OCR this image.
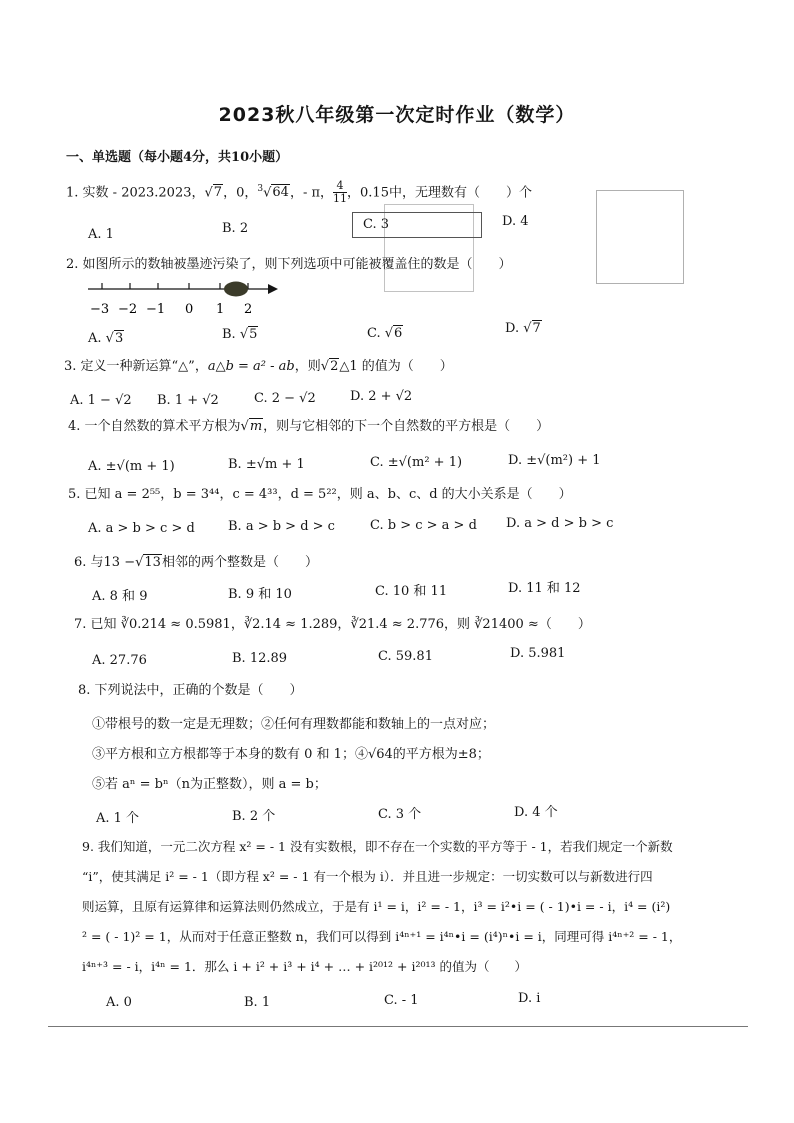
2023秋八年级第一次定时作业（数学）
一、单选题（每小题4分，共10小题）
1. 实数 - 2023.2023，√7，0，$^3$√64，- π， $\frac{4}{11}$ ，0.15中，无理数有（　　）个
A. 1	B. 2	C. 3	D. 4
2. 如图所示的数轴被墨迹污染了，则下列选项中可能被覆盖住的数是（　　）
−3 −2 −1 0 1 2
A. √3	B. √5	C. √6	D. √7
3. 定义一种新运算“△”，a△b = a² - ab，则√2△1 的值为（　　）
A. 1 − √2 B. 1 + √2	C. 2 − √2	D. 2 + √2
4. 一个自然数的算术平方根为√m，则与它相邻的下一个自然数的平方根是（　　）
A. ±√(m + 1)	B. ±√m + 1	C. ±√(m² + 1)	D. ±√(m²) + 1
5. 已知 a = 2⁵⁵，b = 3⁴⁴，c = 4³³，d = 5²²，则 a、b、c、d 的大小关系是（　　）
A. a > b > c > d	B. a > b > d > c	C. b > c > a > d D. a > d > b > c
6. 与13 −√13相邻的两个整数是（　　）
A. 8 和 9	B. 9 和 10	C. 10 和 11	D. 11 和 12
7. 已知 ∛0.214 ≈ 0.5981，∛2.14 ≈ 1.289，∛21.4 ≈ 2.776，则 ∛21400 ≈（　　）
A. 27.76	B. 12.89	C. 59.81	D. 5.981
8. 下列说法中，正确的个数是（　　）
①带根号的数一定是无理数；②任何有理数都能和数轴上的一点对应；
③平方根和立方根都等于本身的数有 0 和 1；④√64的平方根为±8；
⑤若 aⁿ = bⁿ（n为正整数），则 a = b；
A. 1 个	B. 2 个	C. 3 个	D. 4 个
9. 我们知道，一元二次方程 x² = - 1 没有实数根，即不存在一个实数的平方等于 - 1，若我们规定一个新数
“i”，使其满足 i² = - 1（即方程 x² = - 1 有一个根为 i）．并且进一步规定：一切实数可以与新数进行四
则运算，且原有运算律和运算法则仍然成立，于是有 i¹ = i，i² = - 1，i³ = i²•i = ( - 1)•i = - i，i⁴ = (i²)
² = ( - 1)² = 1，从而对于任意正整数 n，我们可以得到 i⁴ⁿ⁺¹ = i⁴ⁿ•i = (i⁴)ⁿ•i = i，同理可得 i⁴ⁿ⁺² = - 1，
i⁴ⁿ⁺³ = - i，i⁴ⁿ = 1．那么 i + i² + i³ + i⁴ + … + i²⁰¹² + i²⁰¹³ 的值为（　　）
A. 0	B. 1	C. - 1	D. i
